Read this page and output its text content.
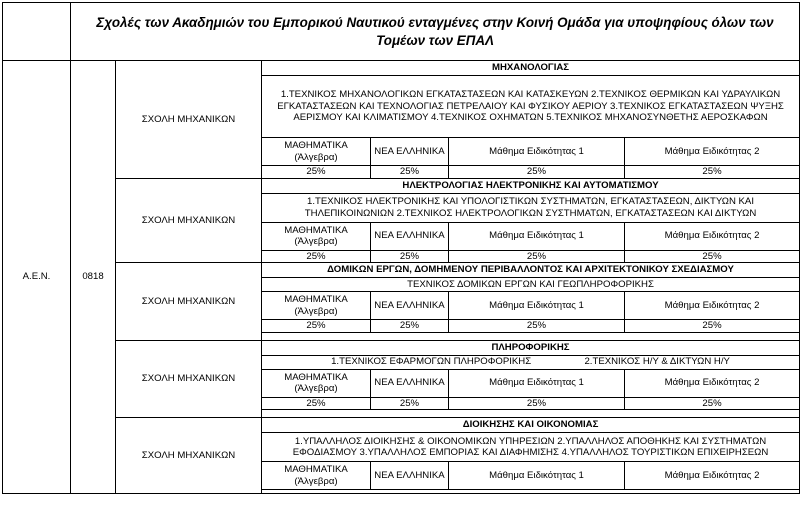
	Σχολές των Ακαδημιών του Εμπορικού Ναυτικού ενταγμένες στην Κοινή Ομάδα για υποψηφίους όλων των Τομέων των ΕΠΑΛ					
Α.Ε.Ν.	0818	ΣΧΟΛΗ ΜΗΧΑΝΙΚΩΝ	ΜΗΧΑΝΟΛΟΓΙΑΣ			
			1.ΤΕΧΝΙΚΟΣ ΜΗΧΑΝΟΛΟΓΙΚΩΝ ΕΓΚΑΤΑΣΤΑΣΕΩΝ ΚΑΙ ΚΑΤΑΣΚΕΥΩΝ 2.ΤΕΧΝΙΚΟΣ ΘΕΡΜΙΚΩΝ ΚΑΙ ΥΔΡΑΥΛΙΚΩΝ ΕΓΚΑΤΑΣΤΑΣΕΩΝ ΚΑΙ ΤΕΧΝΟΛΟΓΙΑΣ ΠΕΤΡΕΛΑΙΟΥ ΚΑΙ ΦΥΣΙΚΟΥ ΑΕΡΙΟΥ 3.ΤΕΧΝΙΚΟΣ ΕΓΚΑΤΑΣΤΑΣΕΩΝ ΨΥΞΗΣ ΑΕΡΙΣΜΟΥ ΚΑΙ ΚΛΙΜΑΤΙΣΜΟΥ 4.ΤΕΧΝΙΚΟΣ ΟΧΗΜΑΤΩΝ 5.ΤΕΧΝΙΚΟΣ ΜΗΧΑΝΟΣΥΝΘΕΤΗΣ ΑΕΡΟΣΚΑΦΩΝ			
			ΜΑΘΗΜΑΤΙΚΑ (Άλγεβρα)	ΝΕΑ ΕΛΛΗΝΙΚΑ	Μάθημα Ειδικότητας 1	Μάθημα Ειδικότητας 2
			25%	25%	25%	25%
		ΣΧΟΛΗ ΜΗΧΑΝΙΚΩΝ	ΗΛΕΚΤΡΟΛΟΓΙΑΣ ΗΛΕΚΤΡΟΝΙΚΗΣ ΚΑΙ ΑΥΤΟΜΑΤΙΣΜΟΥ			
			1.ΤΕΧΝΙΚΟΣ ΗΛΕΚΤΡΟΝΙΚΗΣ ΚΑΙ ΥΠΟΛΟΓΙΣΤΙΚΩΝ ΣΥΣΤΗΜΑΤΩΝ, ΕΓΚΑΤΑΣΤΑΣΕΩΝ, ΔΙΚΤΥΩΝ ΚΑΙ ΤΗΛΕΠΙΚΟΙΝΩΝΙΩΝ 2.ΤΕΧΝΙΚΟΣ ΗΛΕΚΤΡΟΛΟΓΙΚΩΝ ΣΥΣΤΗΜΑΤΩΝ, ΕΓΚΑΤΑΣΤΑΣΕΩΝ ΚΑΙ ΔΙΚΤΥΩΝ			
			ΜΑΘΗΜΑΤΙΚΑ (Άλγεβρα)	ΝΕΑ ΕΛΛΗΝΙΚΑ	Μάθημα Ειδικότητας 1	Μάθημα Ειδικότητας 2
			25%	25%	25%	25%
		ΣΧΟΛΗ ΜΗΧΑΝΙΚΩΝ	ΔΟΜΙΚΩΝ ΕΡΓΩΝ, ΔΟΜΗΜΕΝΟΥ ΠΕΡΙΒΑΛΛΟΝΤΟΣ ΚΑΙ ΑΡΧΙΤΕΚΤΟΝΙΚΟΥ ΣΧΕΔΙΑΣΜΟΥ			
			ΤΕΧΝΙΚΟΣ ΔΟΜΙΚΩΝ ΕΡΓΩΝ ΚΑΙ ΓΕΩΠΛΗΡΟΦΟΡΙΚΗΣ			
			ΜΑΘΗΜΑΤΙΚΑ (Άλγεβρα)	ΝΕΑ ΕΛΛΗΝΙΚΑ	Μάθημα Ειδικότητας 1	Μάθημα Ειδικότητας 2
			25%	25%	25%	25%

		ΣΧΟΛΗ ΜΗΧΑΝΙΚΩΝ	ΠΛΗΡΟΦΟΡΙΚΗΣ			
			1.ΤΕΧΝΙΚΟΣ ΕΦΑΡΜΟΓΩΝ ΠΛΗΡΟΦΟΡΙΚΗΣ                    2.ΤΕΧΝΙΚΟΣ Η/Υ & ΔΙΚΤΥΩΝ Η/Υ			
			ΜΑΘΗΜΑΤΙΚΑ (Άλγεβρα)	ΝΕΑ ΕΛΛΗΝΙΚΑ	Μάθημα Ειδικότητας 1	Μάθημα Ειδικότητας 2
			25%	25%	25%	25%

		ΣΧΟΛΗ ΜΗΧΑΝΙΚΩΝ	ΔΙΟΙΚΗΣΗΣ ΚΑΙ ΟΙΚΟΝΟΜΙΑΣ			
			1.ΥΠΑΛΛΗΛΟΣ ΔΙΟΙΚΗΣΗΣ & ΟΙΚΟΝΟΜΙΚΩΝ ΥΠΗΡΕΣΙΩΝ 2.ΥΠΑΛΛΗΛΟΣ ΑΠΟΘΗΚΗΣ ΚΑΙ ΣΥΣΤΗΜΑΤΩΝ ΕΦΟΔΙΑΣΜΟΥ 3.ΥΠΑΛΛΗΛΟΣ ΕΜΠΟΡΙΑΣ ΚΑΙ ΔΙΑΦΗΜΙΣΗΣ 4.ΥΠΑΛΛΗΛΟΣ ΤΟΥΡΙΣΤΙΚΩΝ ΕΠΙΧΕΙΡΗΣΕΩΝ			
			ΜΑΘΗΜΑΤΙΚΑ (Άλγεβρα)	ΝΕΑ ΕΛΛΗΝΙΚΑ	Μάθημα Ειδικότητας 1	Μάθημα Ειδικότητας 2
